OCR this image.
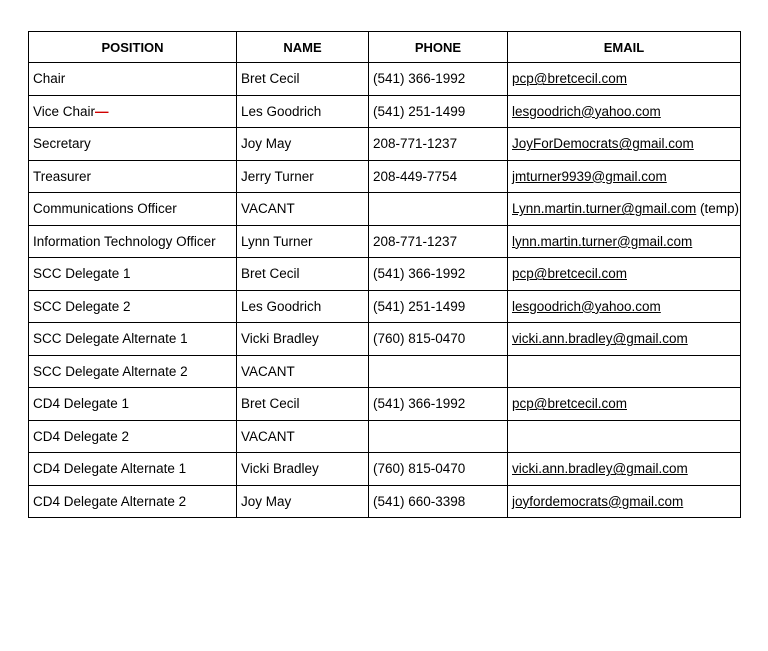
POSITION	NAME	PHONE	EMAIL
Chair	Bret Cecil	(541) 366-1992	pcp@bretcecil.com
Vice Chair—	Les Goodrich	(541) 251-1499	lesgoodrich@yahoo.com
Secretary	Joy May	208-771-1237	JoyForDemocrats@gmail.com
Treasurer	Jerry Turner	208-449-7754	jmturner9939@gmail.com
Communications Officer	VACANT		Lynn.martin.turner@gmail.com (temp)
Information Technology Officer	Lynn Turner	208-771-1237	lynn.martin.turner@gmail.com
SCC Delegate 1	Bret Cecil	(541) 366-1992	pcp@bretcecil.com
SCC Delegate 2	Les Goodrich	(541) 251-1499	lesgoodrich@yahoo.com
SCC Delegate Alternate 1	Vicki Bradley	(760) 815-0470	vicki.ann.bradley@gmail.com
SCC Delegate Alternate 2	VACANT		
CD4 Delegate 1	Bret Cecil	(541) 366-1992	pcp@bretcecil.com
CD4 Delegate 2	VACANT		
CD4 Delegate Alternate 1	Vicki Bradley	(760) 815-0470	vicki.ann.bradley@gmail.com
CD4 Delegate Alternate 2	Joy May	(541) 660-3398	joyfordemocrats@gmail.com
